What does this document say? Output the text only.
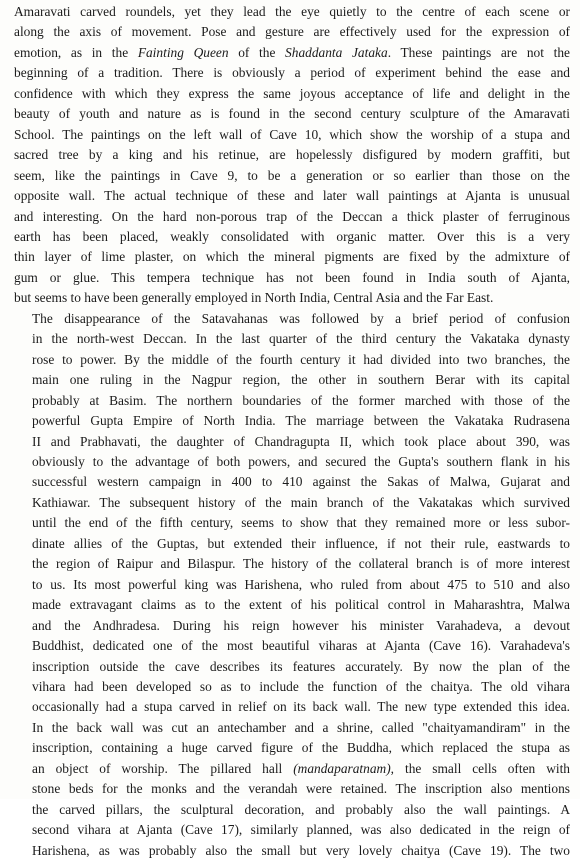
Amaravati carved roundels, yet they lead the eye quietly to the centre of each scene or
along the axis of movement. Pose and gesture are effectively used for the expression of
emotion, as in the Fainting Queen of the Shaddanta Jataka. These paintings are not the
beginning of a tradition. There is obviously a period of experiment behind the ease and
confidence with which they express the same joyous acceptance of life and delight in the
beauty of youth and nature as is found in the second century sculpture of the Amaravati
School. The paintings on the left wall of Cave 10, which show the worship of a stupa and
sacred tree by a king and his retinue, are hopelessly disfigured by modern graffiti, but
seem, like the paintings in Cave 9, to be a generation or so earlier than those on the
opposite wall. The actual technique of these and later wall paintings at Ajanta is unusual
and interesting. On the hard non-porous trap of the Deccan a thick plaster of ferruginous
earth has been placed, weakly consolidated with organic matter. Over this is a very
thin layer of lime plaster, on which the mineral pigments are fixed by the admixture of
gum or glue. This tempera technique has not been found in India south of Ajanta,
but seems to have been generally employed in North India, Central Asia and the Far East.

The disappearance of the Satavahanas was followed by a brief period of confusion
in the north-west Deccan. In the last quarter of the third century the Vakataka dynasty
rose to power. By the middle of the fourth century it had divided into two branches, the
main one ruling in the Nagpur region, the other in southern Berar with its capital
probably at Basim. The northern boundaries of the former marched with those of the
powerful Gupta Empire of North India. The marriage between the Vakataka Rudrasena
II and Prabhavati, the daughter of Chandragupta II, which took place about 390, was
obviously to the advantage of both powers, and secured the Gupta's southern flank in his
successful western campaign in 400 to 410 against the Sakas of Malwa, Gujarat and
Kathiawar. The subsequent history of the main branch of the Vakatakas which survived
until the end of the fifth century, seems to show that they remained more or less subor-
dinate allies of the Guptas, but extended their influence, if not their rule, eastwards to
the region of Raipur and Bilaspur. The history of the collateral branch is of more interest
to us. Its most powerful king was Harishena, who ruled from about 475 to 510 and also
made extravagant claims as to the extent of his political control in Maharashtra, Malwa
and the Andhradesa. During his reign however his minister Varahadeva, a devout
Buddhist, dedicated one of the most beautiful viharas at Ajanta (Cave 16). Varahadeva's
inscription outside the cave describes its features accurately. By now the plan of the
vihara had been developed so as to include the function of the chaitya. The old vihara
occasionally had a stupa carved in relief on its back wall. The new type extended this idea.
In the back wall was cut an antechamber and a shrine, called "chaityamandiram" in the
inscription, containing a huge carved figure of the Buddha, which replaced the stupa as
an object of worship. The pillared hall (mandaparatnam), the small cells often with
stone beds for the monks and the verandah were retained. The inscription also mentions
the carved pillars, the sculptural decoration, and probably also the wall paintings. A
second vihara at Ajanta (Cave 17), similarly planned, was also dedicated in the reign of
Harishena, as was probably also the small but very lovely chaitya (Cave 19). The two
